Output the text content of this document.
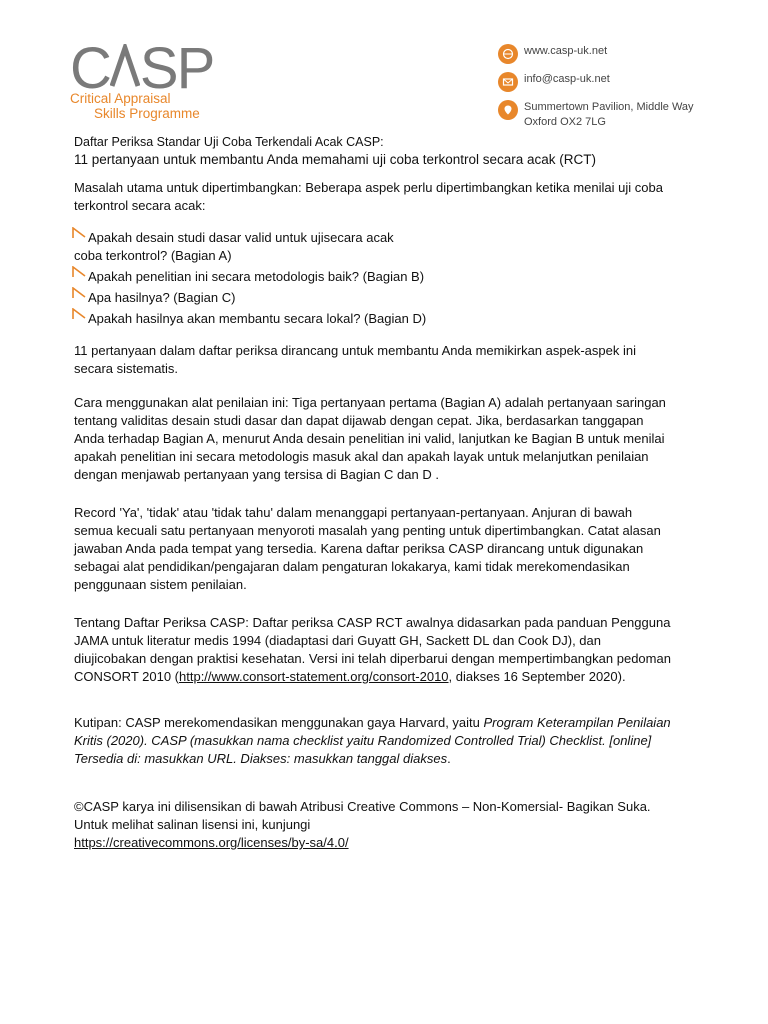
C SP
Critical Appraisal
Skills Programme
www.casp-uk.net
info@casp-uk.net
Summertown Pavilion, Middle Way Oxford OX2 7LG

Daftar Periksa Standar Uji Coba Terkendali Acak CASP:

11 pertanyaan untuk membantu Anda memahami uji coba terkontrol secara acak (RCT)

Masalah utama untuk dipertimbangkan: Beberapa aspek perlu dipertimbangkan ketika menilai uji coba terkontrol secara acak:

Apakah desain studi dasar valid untuk ujisecara acak
coba terkontrol? (Bagian A)
Apakah penelitian ini secara metodologis baik? (Bagian B)
Apa hasilnya? (Bagian C)
Apakah hasilnya akan membantu secara lokal? (Bagian D)

11 pertanyaan dalam daftar periksa dirancang untuk membantu Anda memikirkan aspek-aspek ini secara sistematis.

Cara menggunakan alat penilaian ini: Tiga pertanyaan pertama (Bagian A) adalah pertanyaan saringan tentang validitas desain studi dasar dan dapat dijawab dengan cepat. Jika, berdasarkan tanggapan Anda terhadap Bagian A, menurut Anda desain penelitian ini valid, lanjutkan ke Bagian B untuk menilai apakah penelitian ini secara metodologis masuk akal dan apakah layak untuk melanjutkan penilaian dengan menjawab pertanyaan yang tersisa di Bagian C dan D .

Record 'Ya', 'tidak' atau 'tidak tahu' dalam menanggapi pertanyaan-pertanyaan. Anjuran di bawah semua kecuali satu pertanyaan menyoroti masalah yang penting untuk dipertimbangkan. Catat alasan jawaban Anda pada tempat yang tersedia. Karena daftar periksa CASP dirancang untuk digunakan sebagai alat pendidikan/pengajaran dalam pengaturan lokakarya, kami tidak merekomendasikan penggunaan sistem penilaian.

Tentang Daftar Periksa CASP: Daftar periksa CASP RCT awalnya didasarkan pada panduan Pengguna JAMA untuk literatur medis 1994 (diadaptasi dari Guyatt GH, Sackett DL dan Cook DJ), dan diujicobakan dengan praktisi kesehatan. Versi ini telah diperbarui dengan mempertimbangkan pedoman CONSORT 2010 (http://www.consort-statement.org/consort-2010, diakses 16 September 2020).

Kutipan: CASP merekomendasikan menggunakan gaya Harvard, yaitu Program Keterampilan Penilaian Kritis (2020). CASP (masukkan nama checklist yaitu Randomized Controlled Trial) Checklist. [online] Tersedia di: masukkan URL. Diakses: masukkan tanggal diakses.

©CASP karya ini dilisensikan di bawah Atribusi Creative Commons – Non-Komersial- Bagikan Suka. Untuk melihat salinan lisensi ini, kunjungi
https://creativecommons.org/licenses/by-sa/4.0/
